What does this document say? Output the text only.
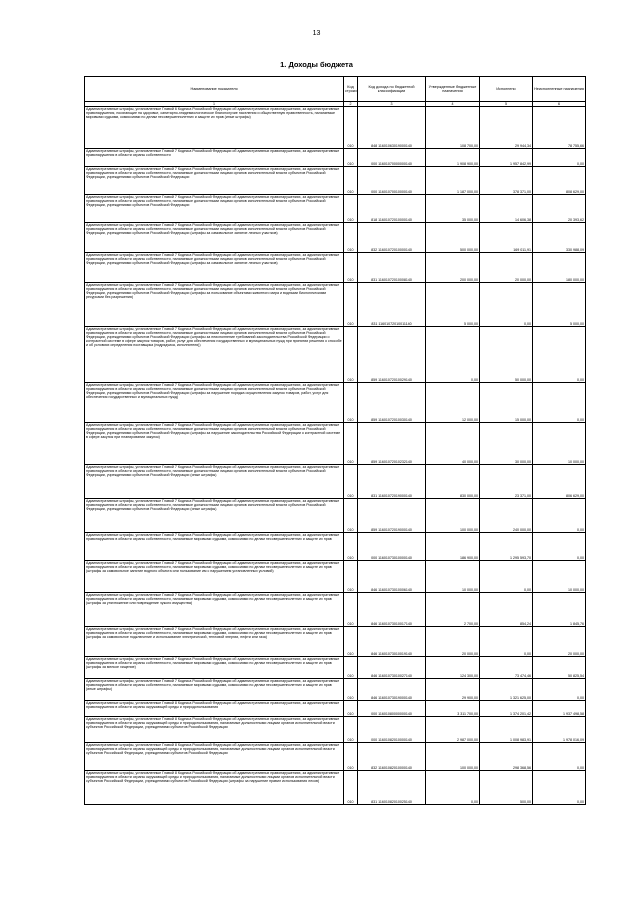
13
1. Доходы бюджета
Наименование показателя	Код строки	Код дохода по бюджетной классификации	Утвержденные бюджетные назначения	Исполнено	Неисполненные назначения
1	2	3	4	5	6
Административные штрафы, установленные Главой 6 Кодекса Российской Федерации об административных правонарушениях, за административные правонарушения, посягающие на здоровье, санитарно-эпидемиологическое благополучие населения и общественную нравственность, налагаемые мировыми судьями, комиссиями по делам несовершеннолетних и защите их прав (иные штрафы)	010	848 11601063019000140	108 700,00	29 944,34	78 755,66
Административные штрафы, установленные Главой 7 Кодекса Российской Федерации об административных правонарушениях, за административные правонарушения в области охраны собственности	010	000 11601070000000140	1 908 900,00	1 957 842,99	0,00
Административные штрафы, установленные Главой 7 Кодекса Российской Федерации об административных правонарушениях, за административные правонарушения в области охраны собственности, налагаемые должностными лицами органов исполнительной власти субъектов Российской Федерации, учреждениями субъектов Российской Федерации	010	000 11601070010000140	1 187 000,00	378 371,00	808 629,00
Административные штрафы, установленные Главой 7 Кодекса Российской Федерации об административных правонарушениях, за административные правонарушения в области охраны собственности, налагаемые должностными лицами органов исполнительной власти субъектов Российской Федерации, учреждениями субъектов Российской Федерации	010	818 11601072010000140	35 000,00	14 606,38	20 393,62
Административные штрафы, установленные Главой 7 Кодекса Российской Федерации об административных правонарушениях, за административные правонарушения в области охраны собственности, налагаемые должностными лицами органов исполнительной власти субъектов Российской Федерации, учреждениями субъектов Российской Федерации (штрафы за самовольное занятие лесных участков)	010	832 11601072010000140	500 000,00	169 011,91	330 988,09
Административные штрафы, установленные Главой 7 Кодекса Российской Федерации об административных правонарушениях, за административные правонарушения в области охраны собственности, налагаемые должностными лицами органов исполнительной власти субъектов Российской Федерации, учреждениями субъектов Российской Федерации (штрафы за самовольное занятие лесных участков)	010	831 11601072010008140	200 000,00	20 000,00	180 000,00
Административные штрафы, установленные Главой 7 Кодекса Российской Федерации об административных правонарушениях, за административные правонарушения в области охраны собственности, налагаемые должностными лицами органов исполнительной власти субъектов Российской Федерации, учреждениями субъектов Российской Федерации (штрафы за пользование объектами животного мира и водными биологическими ресурсами без разрешения)	010	831 11601072010011140	5 000,00	0,00	5 000,00
Административные штрафы, установленные Главой 7 Кодекса Российской Федерации об административных правонарушениях, за административные правонарушения в области охраны собственности, налагаемые должностными лицами органов исполнительной власти субъектов Российской Федерации, учреждениями субъектов Российской Федерации (штрафы за неисполнение требований законодательства Российской Федерации о контрактной системе в сфере закупок товаров, работ, услуг для обеспечения государственных и муниципальных нужд при принятии решения о способе и об условиях определения поставщика (подрядчика, исполнителя))	010	859 11601072010029140	0,00	50 000,00	0,00
Административные штрафы, установленные Главой 7 Кодекса Российской Федерации об административных правонарушениях, за административные правонарушения в области охраны собственности, налагаемые должностными лицами органов исполнительной власти субъектов Российской Федерации, учреждениями субъектов Российской Федерации (штрафы за нарушение порядка осуществления закупок товаров, работ, услуг для обеспечения государственных и муниципальных нужд)	010	859 11601072010030140	12 000,00	15 000,00	0,00
Административные штрафы, установленные Главой 7 Кодекса Российской Федерации об административных правонарушениях, за административные правонарушения в области охраны собственности, налагаемые должностными лицами органов исполнительной власти субъектов Российской Федерации, учреждениями субъектов Российской Федерации (штрафы за нарушение законодательства Российской Федерации о контрактной системе в сфере закупок при планировании закупок)	010	859 11601072010232140	40 000,00	30 000,00	10 000,00
Административные штрафы, установленные Главой 7 Кодекса Российской Федерации об административных правонарушениях, за административные правонарушения в области охраны собственности, налагаемые должностными лицами органов исполнительной власти субъектов Российской Федерации, учреждениями субъектов Российской Федерации (иные штрафы)	010	831 11601072019000140	830 000,00	23 371,00	806 629,00
Административные штрафы, установленные Главой 7 Кодекса Российской Федерации об административных правонарушениях, за административные правонарушения в области охраны собственности, налагаемые должностными лицами органов исполнительной власти субъектов Российской Федерации, учреждениями субъектов Российской Федерации (иные штрафы)	010	859 11601072019000140	100 000,00	240 000,00	0,00
Административные штрафы, установленные Главой 7 Кодекса Российской Федерации об административных правонарушениях, за административные правонарушения в области охраны собственности, налагаемые мировыми судьями, комиссиями по делам несовершеннолетних и защите их прав	010	000 11601073010000140	186 900,00	1 295 593,70	0,00
Административные штрафы, установленные Главой 7 Кодекса Российской Федерации об административных правонарушениях, за административные правонарушения в области охраны собственности, налагаемые мировыми судьями, комиссиями по делам несовершеннолетних и защите их прав (штрафы за самовольное занятие водного объекта или пользование им с нарушением установленных условий)	010	846 11601073010006140	10 000,00	0,00	10 000,00
Административные штрафы, установленные Главой 7 Кодекса Российской Федерации об административных правонарушениях, за административные правонарушения в области охраны собственности, налагаемые мировыми судьями, комиссиями по делам несовершеннолетних и защите их прав (штрафы за уничтожение или повреждение чужого имущества)	010	846 11601073010017140	2 700,00	854,24	1 845,76
Административные штрафы, установленные Главой 7 Кодекса Российской Федерации об административных правонарушениях, за административные правонарушения в области охраны собственности, налагаемые мировыми судьями, комиссиями по делам несовершеннолетних и защите их прав (штрафы за самовольное подключение и использование электрической, тепловой энергии, нефти или газа)	010	846 11601073010019140	20 000,00	0,00	20 000,00
Административные штрафы, установленные Главой 7 Кодекса Российской Федерации об административных правонарушениях, за административные правонарушения в области охраны собственности, налагаемые мировыми судьями, комиссиями по делам несовершеннолетних и защите их прав (штрафы за мелкое хищение)	010	846 11601073010027140	124 300,00	73 474,46	50 825,54
Административные штрафы, установленные Главой 7 Кодекса Российской Федерации об административных правонарушениях, за административные правонарушения в области охраны собственности, налагаемые мировыми судьями, комиссиями по делам несовершеннолетних и защите их прав (иные штрафы)	010	846 11601073019000140	29 900,00	1 321 625,00	0,00
Административные штрафы, установленные Главой 8 Кодекса Российской Федерации об административных правонарушениях, за административные правонарушения в области охраны окружающей среды и природопользования	010	000 11601080000000140	3 311 700,00	1 374 201,42	1 937 498,58
Административные штрафы, установленные Главой 8 Кодекса Российской Федерации об административных правонарушениях, за административные правонарушения в области охраны окружающей среды и природопользования, налагаемые должностными лицами органов исполнительной власти субъектов Российской Федерации, учреждениями субъектов Российской Федерации	010	000 11601082010000140	2 987 000,00	1 008 983,91	1 978 016,09
Административные штрафы, установленные Главой 8 Кодекса Российской Федерации об административных правонарушениях, за административные правонарушения в области охраны окружающей среды и природопользования, налагаемые должностными лицами органов исполнительной власти субъектов Российской Федерации, учреждениями субъектов Российской Федерации	010	832 11601082010000140	100 000,00	298 368,56	0,00
Административные штрафы, установленные Главой 8 Кодекса Российской Федерации об административных правонарушениях, за административные правонарушения в области охраны окружающей среды и природопользования, налагаемые должностными лицами органов исполнительной власти субъектов Российской Федерации, учреждениями субъектов Российской Федерации (штрафы за нарушение правил использования лесов)	010	831 11601082010025140	0,00	500,00	0,00
